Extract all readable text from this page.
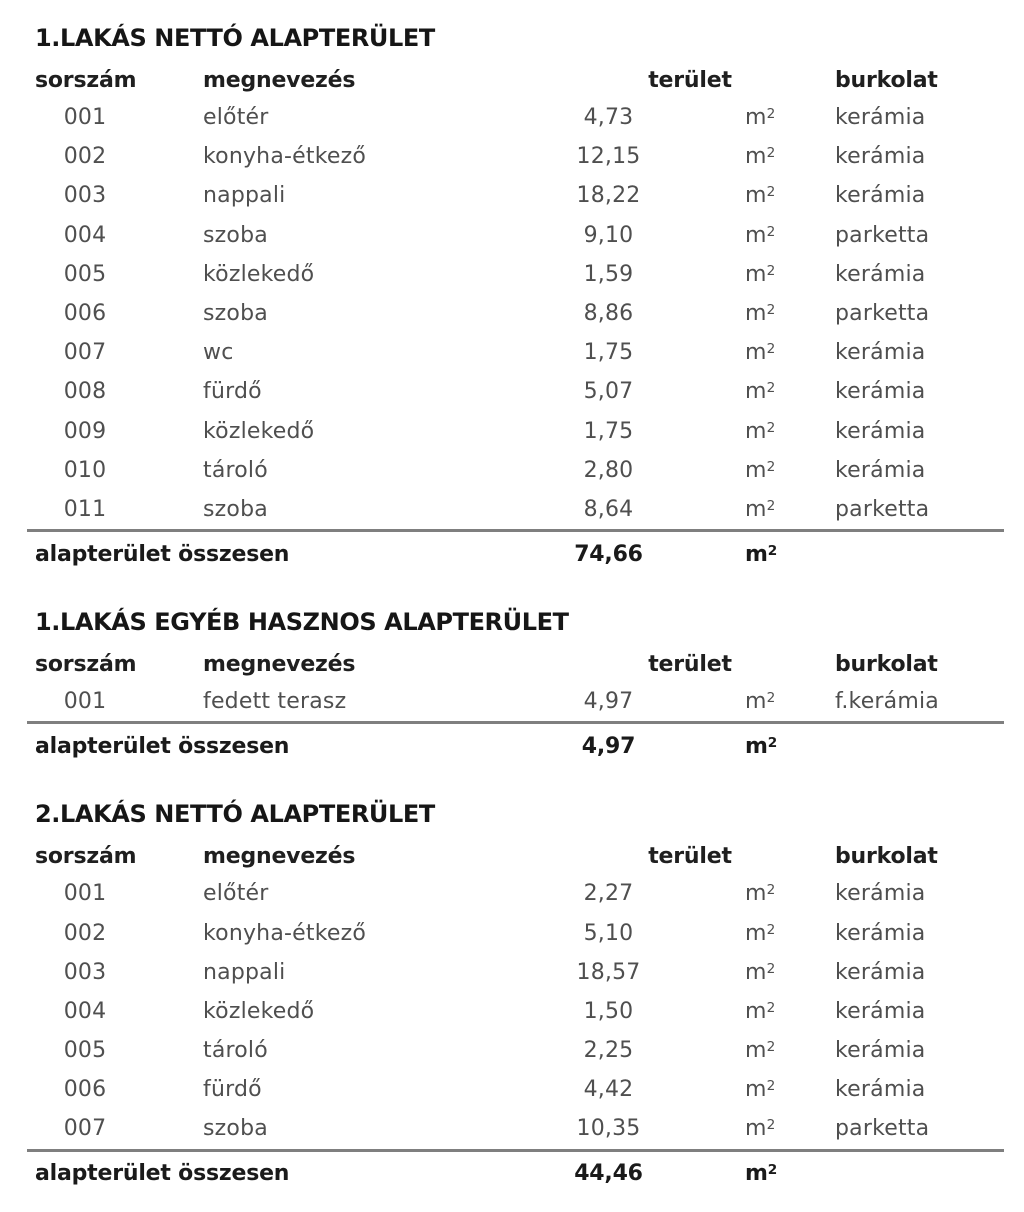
1.LAKÁS NETTÓ ALAPTERÜLET
sorszám	megnevezés	terület	burkolat
001	előtér	4,73	$m^2$	kerámia
002	konyha-étkező	12,15	$m^2$	kerámia
003	nappali	18,22	$m^2$	kerámia
004	szoba	9,10	$m^2$	parketta
005	közlekedő	1,59	$m^2$	kerámia
006	szoba	8,86	$m^2$	parketta
007	wc	1,75	$m^2$	kerámia
008	fürdő	5,07	$m^2$	kerámia
009	közlekedő	1,75	$m^2$	kerámia
010	tároló	2,80	$m^2$	kerámia
011	szoba	8,64	$m^2$	parketta
alapterület összesen	74,66	$m^2$
1.LAKÁS EGYÉB HASZNOS ALAPTERÜLET
sorszám	megnevezés	terület	burkolat
001	fedett terasz	4,97	$m^2$	f.kerámia
alapterület összesen	4,97	$m^2$
2.LAKÁS NETTÓ ALAPTERÜLET
sorszám	megnevezés	terület	burkolat
001	előtér	2,27	$m^2$	kerámia
002	konyha-étkező	5,10	$m^2$	kerámia
003	nappali	18,57	$m^2$	kerámia
004	közlekedő	1,50	$m^2$	kerámia
005	tároló	2,25	$m^2$	kerámia
006	fürdő	4,42	$m^2$	kerámia
007	szoba	10,35	$m^2$	parketta
alapterület összesen	44,46	$m^2$
